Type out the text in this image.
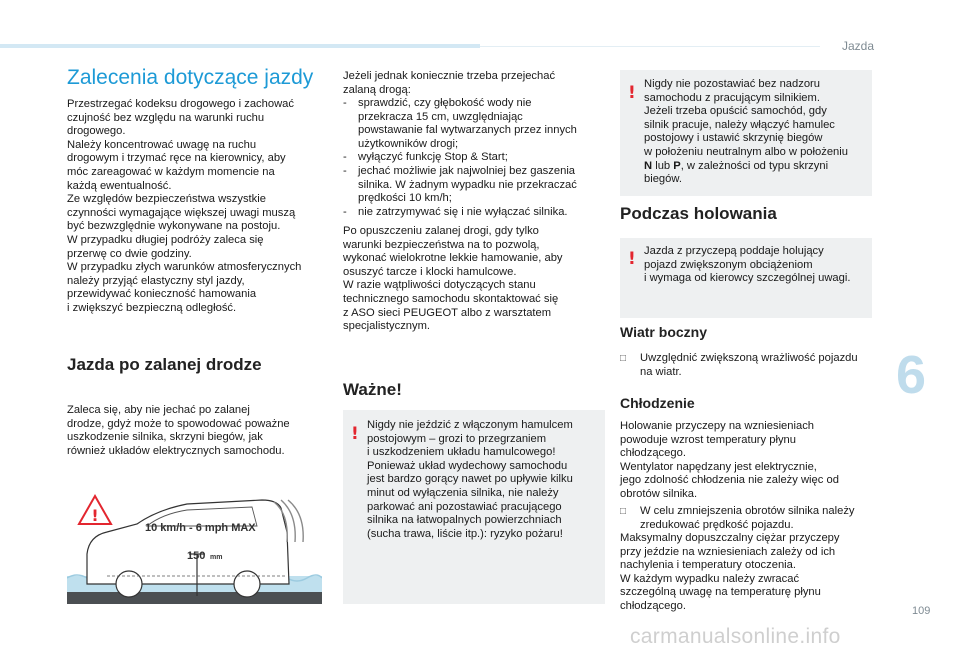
Jazda
6
109
carmanualsonline.info
Zalecenia dotyczące jazdy

Przestrzegać kodeksu drogowego i zachować
czujność bez względu na warunki ruchu
drogowego.
Należy koncentrować uwagę na ruchu
drogowym i trzymać ręce na kierownicy, aby
móc zareagować w każdym momencie na
każdą ewentualność.
Ze względów bezpieczeństwa wszystkie
czynności wymagające większej uwagi muszą
być bezwzględnie wykonywane na postoju.
W przypadku długiej podróży zaleca się
przerwę co dwie godziny.
W przypadku złych warunków atmosferycznych
należy przyjąć elastyczny styl jazdy,
przewidywać konieczność hamowania
i zwiększyć bezpieczną odległość.

Jazda po zalanej drodze

Zaleca się, aby nie jechać po zalanej
drodze, gdyż może to spowodować poważne
uszkodzenie silnika, skrzyni biegów, jak
również układów elektrycznych samochodu.

!
10 km/h - 6 mph MAX
150 mm

Jeżeli jednak koniecznie trzeba przejechać
zalaną drogą:

- sprawdzić, czy głębokość wody nie
przekracza 15 cm, uwzględniając
powstawanie fal wytwarzanych przez innych
użytkowników drogi;
- wyłączyć funkcję Stop & Start;
- jechać możliwie jak najwolniej bez gaszenia
silnika. W żadnym wypadku nie przekraczać
prędkości 10 km/h;
- nie zatrzymywać się i nie wyłączać silnika.

Po opuszczeniu zalanej drogi, gdy tylko
warunki bezpieczeństwa na to pozwolą,
wykonać wielokrotne lekkie hamowanie, aby
osuszyć tarcze i klocki hamulcowe.
W razie wątpliwości dotyczących stanu
technicznego samochodu skontaktować się
z ASO sieci PEUGEOT albo z warsztatem
specjalistycznym.

Ważne!
! Nigdy nie jeździć z włączonym hamulcem
postojowym – grozi to przegrzaniem
i uszkodzeniem układu hamulcowego!
Ponieważ układ wydechowy samochodu
jest bardzo gorący nawet po upływie kilku
minut od wyłączenia silnika, nie należy
parkować ani pozostawiać pracującego
silnika na łatwopalnych powierzchniach
(sucha trawa, liście itp.): ryzyko pożaru!
! Nigdy nie pozostawiać bez nadzoru
samochodu z pracującym silnikiem.
Jeżeli trzeba opuścić samochód, gdy
silnik pracuje, należy włączyć hamulec
postojowy i ustawić skrzynię biegów
w położeniu neutralnym albo w położeniu
N lub P, w zależności od typu skrzyni
biegów.
Podczas holowania
! Jazda z przyczepą poddaje holujący
pojazd zwiększonym obciążeniom
i wymaga od kierowcy szczególnej uwagi.
Wiatr boczny
□ Uwzględnić zwiększoną wrażliwość pojazdu
na wiatr.
Chłodzenie

Holowanie przyczepy na wzniesieniach
powoduje wzrost temperatury płynu
chłodzącego.
Wentylator napędzany jest elektrycznie,
jego zdolność chłodzenia nie zależy więc od
obrotów silnika.

□ W celu zmniejszenia obrotów silnika należy
zredukować prędkość pojazdu.

Maksymalny dopuszczalny ciężar przyczepy
przy jeździe na wzniesieniach zależy od ich
nachylenia i temperatury otoczenia.
W każdym wypadku należy zwracać
szczególną uwagę na temperaturę płynu
chłodzącego.
